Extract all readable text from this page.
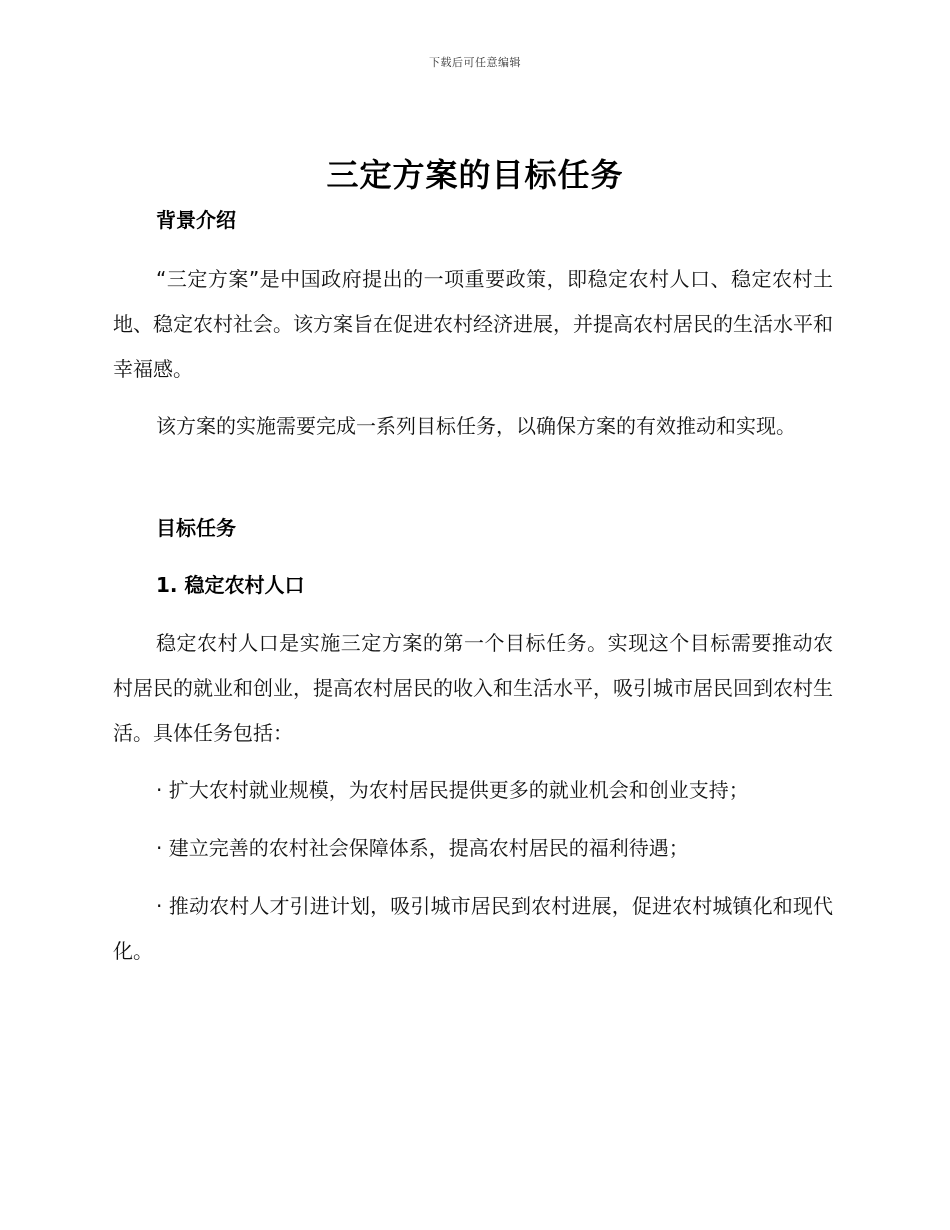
下载后可任意编辑
三定方案的目标任务
背景介绍
“三定方案”是中国政府提出的一项重要政策，即稳定农村人口、稳定农村土地、稳定农村社会。该方案旨在促进农村经济进展，并提高农村居民的生活水平和幸福感。
该方案的实施需要完成一系列目标任务，以确保方案的有效推动和实现。
目标任务
1. 稳定农村人口
稳定农村人口是实施三定方案的第一个目标任务。实现这个目标需要推动农村居民的就业和创业，提高农村居民的收入和生活水平，吸引城市居民回到农村生活。具体任务包括：
· 扩大农村就业规模，为农村居民提供更多的就业机会和创业支持；
· 建立完善的农村社会保障体系，提高农村居民的福利待遇；
· 推动农村人才引进计划，吸引城市居民到农村进展，促进农村城镇化和现代化。
